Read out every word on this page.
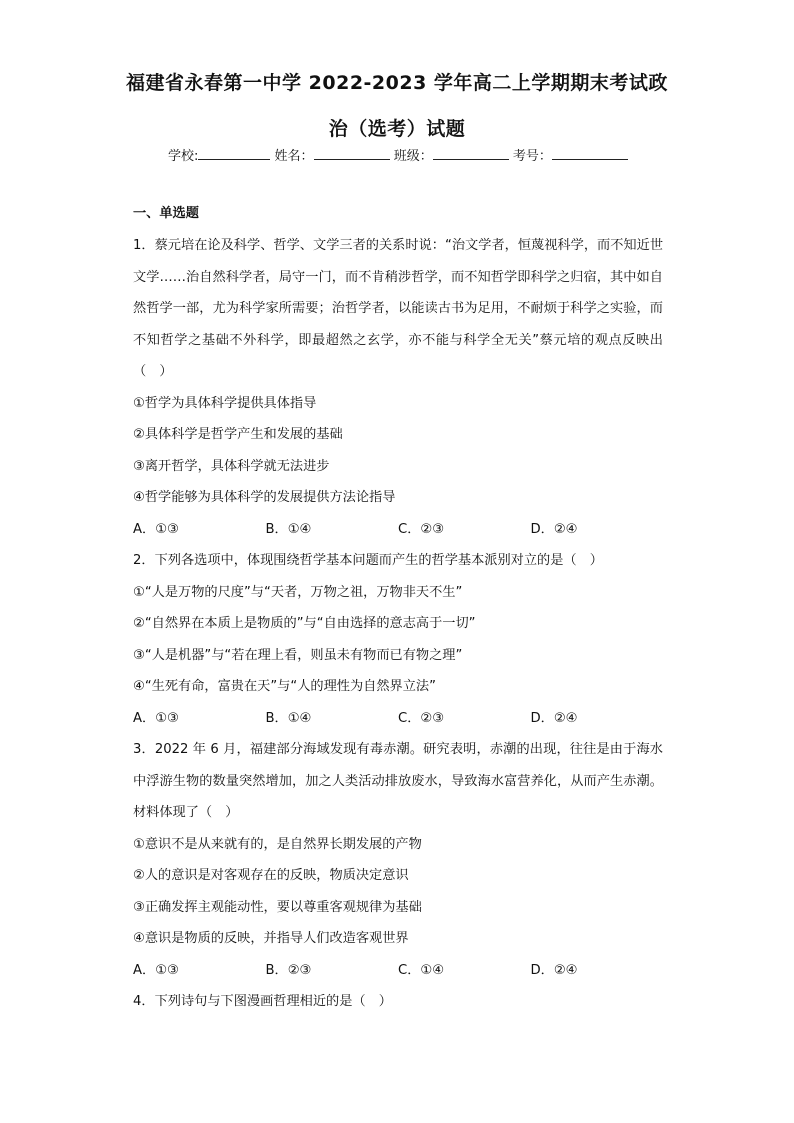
福建省永春第一中学 2022-2023 学年高二上学期期末考试政
治（选考）试题
学校:	姓名：	班级：	考号：
一、单选题
1．蔡元培在论及科学、哲学、文学三者的关系时说：“治文学者，恒蔑视科学，而不知近世文学……治自然科学者，局守一门，而不肯稍涉哲学，而不知哲学即科学之归宿，其中如自然哲学一部，尤为科学家所需要；治哲学者，以能读古书为足用，不耐烦于科学之实验，而不知哲学之基础不外科学，即最超然之玄学，亦不能与科学全无关”蔡元培的观点反映出（　）
①哲学为具体科学提供具体指导
②具体科学是哲学产生和发展的基础
③离开哲学，具体科学就无法进步
④哲学能够为具体科学的发展提供方法论指导
A．①③	B．①④	C．②③	D．②④
2．下列各选项中，体现围绕哲学基本问题而产生的哲学基本派别对立的是（　）
①“人是万物的尺度”与“天者，万物之祖，万物非天不生”
②“自然界在本质上是物质的”与“自由选择的意志高于一切”
③“人是机器”与“若在理上看，则虽未有物而已有物之理”
④“生死有命，富贵在天”与“人的理性为自然界立法”
A．①③	B．①④	C．②③	D．②④
3．2022 年 6 月，福建部分海域发现有毒赤潮。研究表明，赤潮的出现，往往是由于海水中浮游生物的数量突然增加，加之人类活动排放废水，导致海水富营养化，从而产生赤潮。材料体现了（　）
①意识不是从来就有的，是自然界长期发展的产物
②人的意识是对客观存在的反映，物质决定意识
③正确发挥主观能动性，要以尊重客观规律为基础
④意识是物质的反映，并指导人们改造客观世界
A．①③	B．②③	C．①④	D．②④
4．下列诗句与下图漫画哲理相近的是（　）
